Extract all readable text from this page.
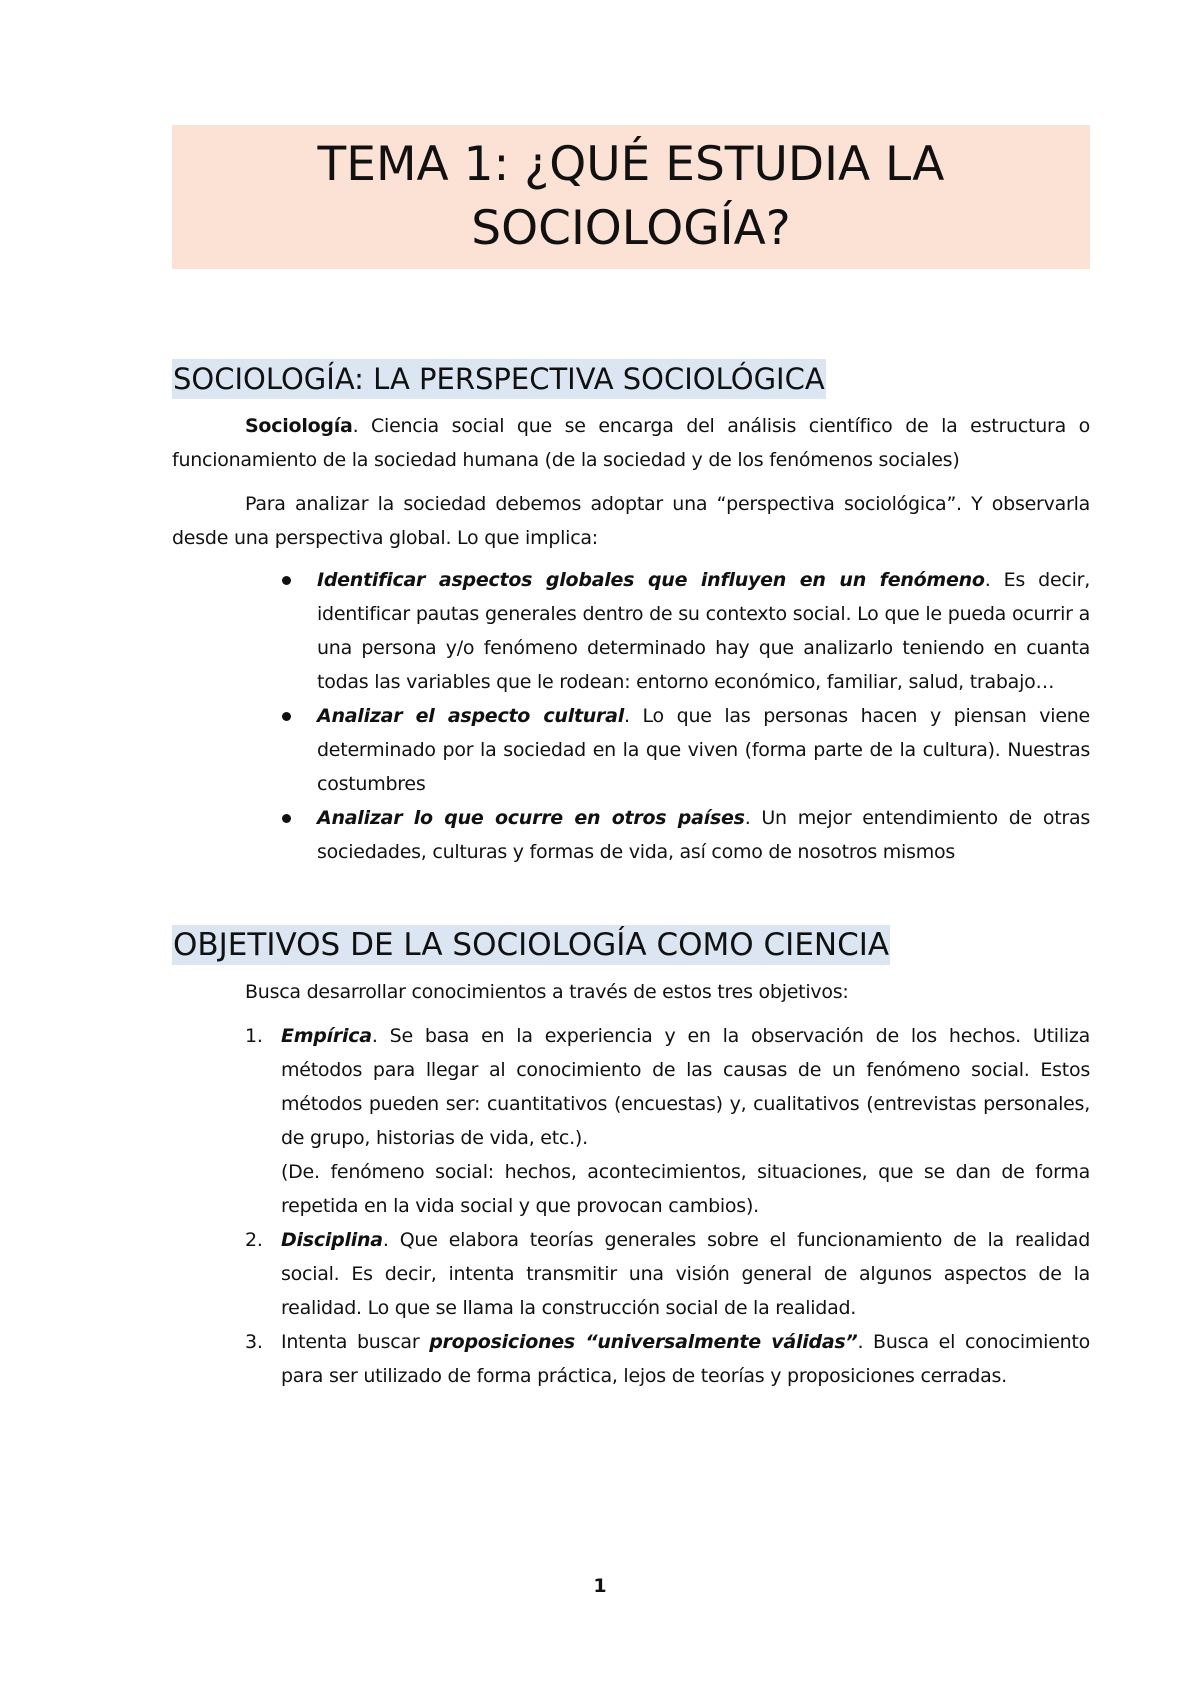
TEMA 1: ¿QUÉ ESTUDIA LA SOCIOLOGÍA?
SOCIOLOGÍA: LA PERSPECTIVA SOCIOLÓGICA

Sociología. Ciencia social que se encarga del análisis científico de la estructura o funcionamiento de la sociedad humana (de la sociedad y de los fenómenos sociales)

Para analizar la sociedad debemos adoptar una “perspectiva sociológica”. Y observarla desde una perspectiva global. Lo que implica:

Identificar aspectos globales que influyen en un fenómeno. Es decir, identificar pautas generales dentro de su contexto social. Lo que le pueda ocurrir a una persona y/o fenómeno determinado hay que analizarlo teniendo en cuanta todas las variables que le rodean: entorno económico, familiar, salud, trabajo…
Analizar el aspecto cultural. Lo que las personas hacen y piensan viene determinado por la sociedad en la que viven (forma parte de la cultura). Nuestras costumbres
Analizar lo que ocurre en otros países. Un mejor entendimiento de otras sociedades, culturas y formas de vida, así como de nosotros mismos
OBJETIVOS DE LA SOCIOLOGÍA COMO CIENCIA

Busca desarrollar conocimientos a través de estos tres objetivos:

1. Empírica. Se basa en la experiencia y en la observación de los hechos. Utiliza métodos para llegar al conocimiento de las causas de un fenómeno social. Estos métodos pueden ser: cuantitativos (encuestas) y, cualitativos (entrevistas personales, de grupo, historias de vida, etc.).
(De. fenómeno social: hechos, acontecimientos, situaciones, que se dan de forma repetida en la vida social y que provocan cambios).
2. Disciplina. Que elabora teorías generales sobre el funcionamiento de la realidad social. Es decir, intenta transmitir una visión general de algunos aspectos de la realidad. Lo que se llama la construcción social de la realidad.
3. Intenta buscar proposiciones “universalmente válidas”. Busca el conocimiento para ser utilizado de forma práctica, lejos de teorías y proposiciones cerradas.
1
